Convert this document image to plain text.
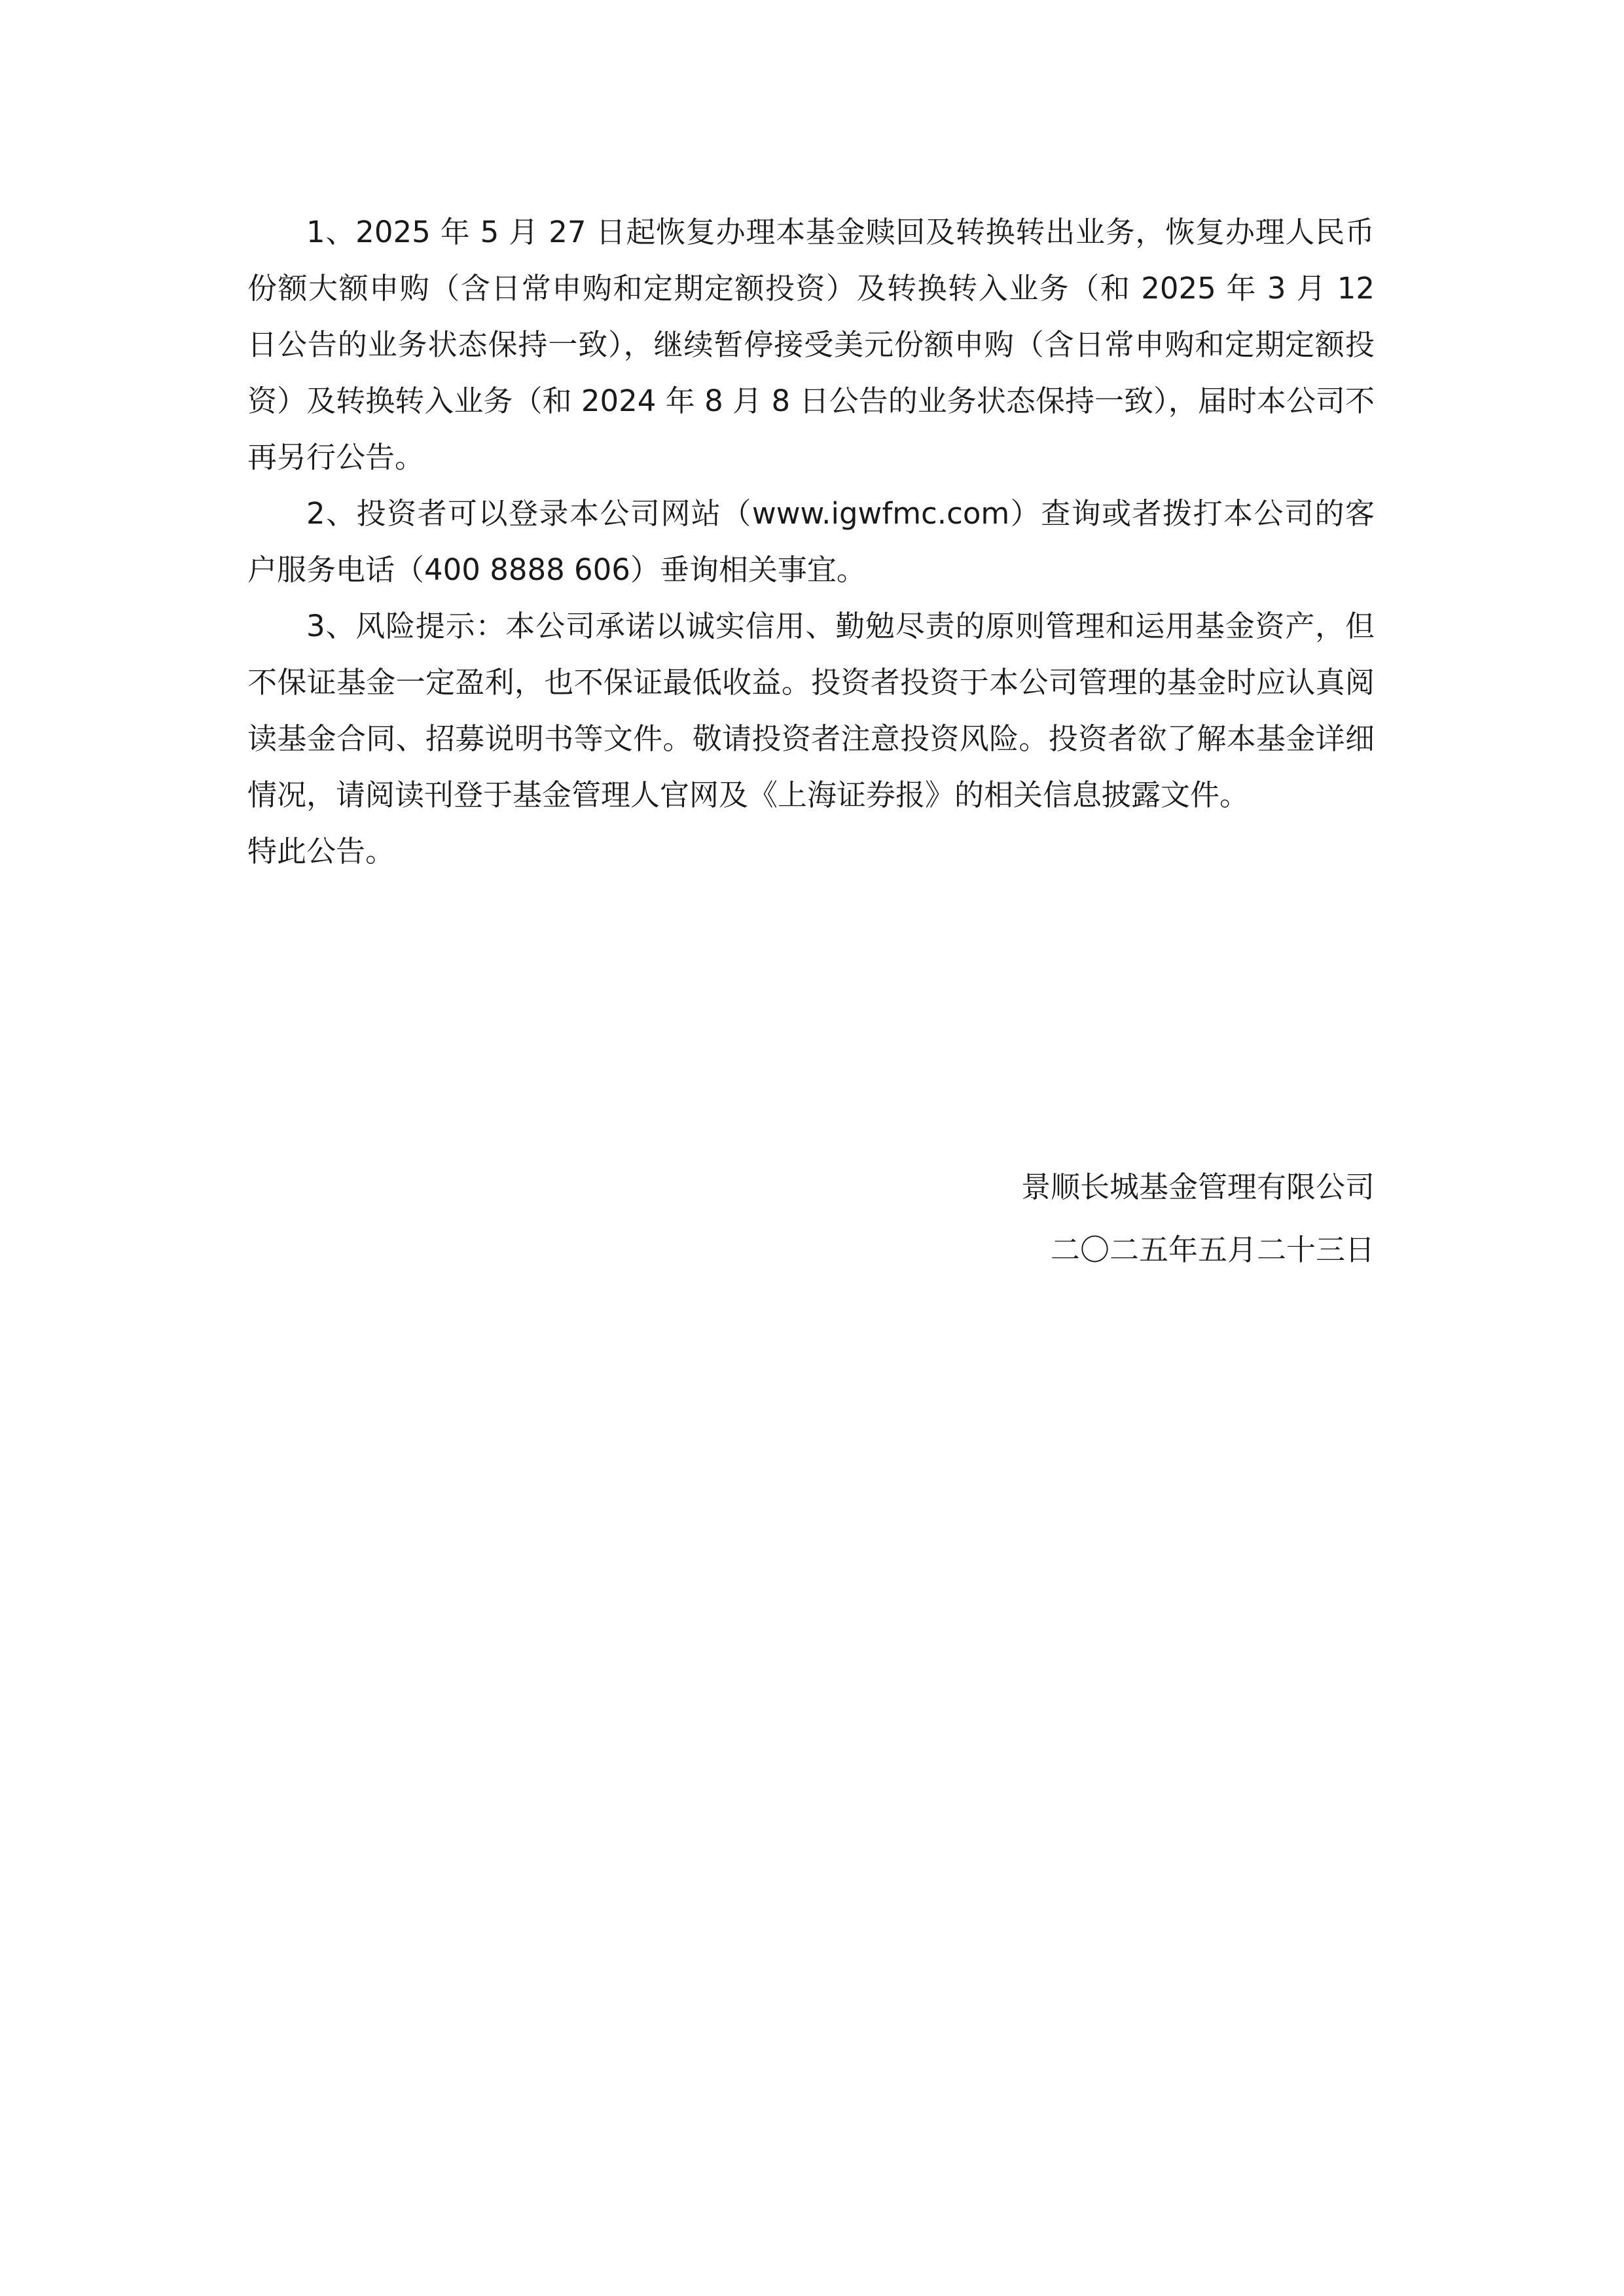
1、2025 年 5 月 27 日起恢复办理本基金赎回及转换转出业务，恢复办理人民币份额大额申购（含日常申购和定期定额投资）及转换转入业务（和 2025 年 3 月 12 日公告的业务状态保持一致），继续暂停接受美元份额申购（含日常申购和定期定额投资）及转换转入业务（和 2024 年 8 月 8 日公告的业务状态保持一致），届时本公司不再另行公告。

2、投资者可以登录本公司网站（www.igwfmc.com）查询或者拨打本公司的客户服务电话（400 8888 606）垂询相关事宜。

3、风险提示：本公司承诺以诚实信用、勤勉尽责的原则管理和运用基金资产，但不保证基金一定盈利，也不保证最低收益。投资者投资于本公司管理的基金时应认真阅读基金合同、招募说明书等文件。敬请投资者注意投资风险。投资者欲了解本基金详细情况，请阅读刊登于基金管理人官网及《上海证券报》的相关信息披露文件。

特此公告。

景顺长城基金管理有限公司
二〇二五年五月二十三日
